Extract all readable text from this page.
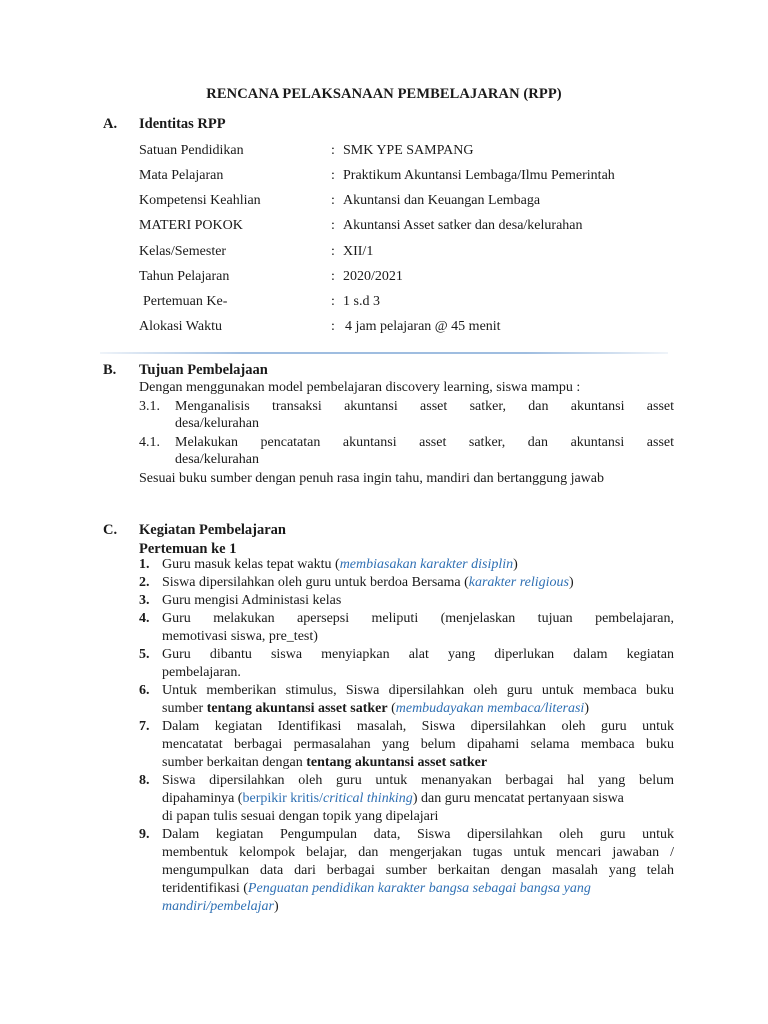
RENCANA PELAKSANAAN PEMBELAJARAN (RPP)
A. Identitas RPP
Satuan Pendidikan	: SMK YPE SAMPANG
Mata Pelajaran	: Praktikum Akuntansi Lembaga/Ilmu Pemerintah
Kompetensi Keahlian	: Akuntansi dan Keuangan Lembaga
MATERI POKOK	: Akuntansi Asset satker dan desa/kelurahan
Kelas/Semester	: XII/1
Tahun Pelajaran	: 2020/2021
Pertemuan Ke-	: 1 s.d 3
Alokasi Waktu	: 4 jam pelajaran @ 45 menit
B. Tujuan Pembelajaan
Dengan menggunakan model pembelajaran discovery learning, siswa mampu :
3.1. Menganalisis transaksi akuntansi asset satker, dan akuntansi asset
desa/kelurahan
4.1. Melakukan pencatatan akuntansi asset satker, dan akuntansi asset
desa/kelurahan
Sesuai buku sumber dengan penuh rasa ingin tahu, mandiri dan bertanggung jawab
C. Kegiatan Pembelajaran
Pertemuan ke 1
1. Guru masuk kelas tepat waktu (membiasakan karakter disiplin)
2. Siswa dipersilahkan oleh guru untuk berdoa Bersama (karakter religious)
3. Guru mengisi Administasi kelas
4. Guru melakukan apersepsi meliputi (menjelaskan tujuan pembelajaran,
memotivasi siswa, pre_test)
5. Guru dibantu siswa menyiapkan alat yang diperlukan dalam kegiatan
pembelajaran.
6. Untuk memberikan stimulus, Siswa dipersilahkan oleh guru untuk membaca buku
sumber tentang akuntansi asset satker (membudayakan membaca/literasi)
7. Dalam kegiatan Identifikasi masalah, Siswa dipersilahkan oleh guru untuk
mencatatat berbagai permasalahan yang belum dipahami selama membaca buku
sumber berkaitan dengan tentang akuntansi asset satker
8. Siswa dipersilahkan oleh guru untuk menanyakan berbagai hal yang belum
dipahaminya (berpikir kritis/critical thinking) dan guru mencatat pertanyaan siswa
di papan tulis sesuai dengan topik yang dipelajari
9. Dalam kegiatan Pengumpulan data, Siswa dipersilahkan oleh guru untuk
membentuk kelompok belajar, dan mengerjakan tugas untuk mencari jawaban /
mengumpulkan data dari berbagai sumber berkaitan dengan masalah yang telah
teridentifikasi (Penguatan pendidikan karakter bangsa sebagai bangsa yang
mandiri/pembelajar)
